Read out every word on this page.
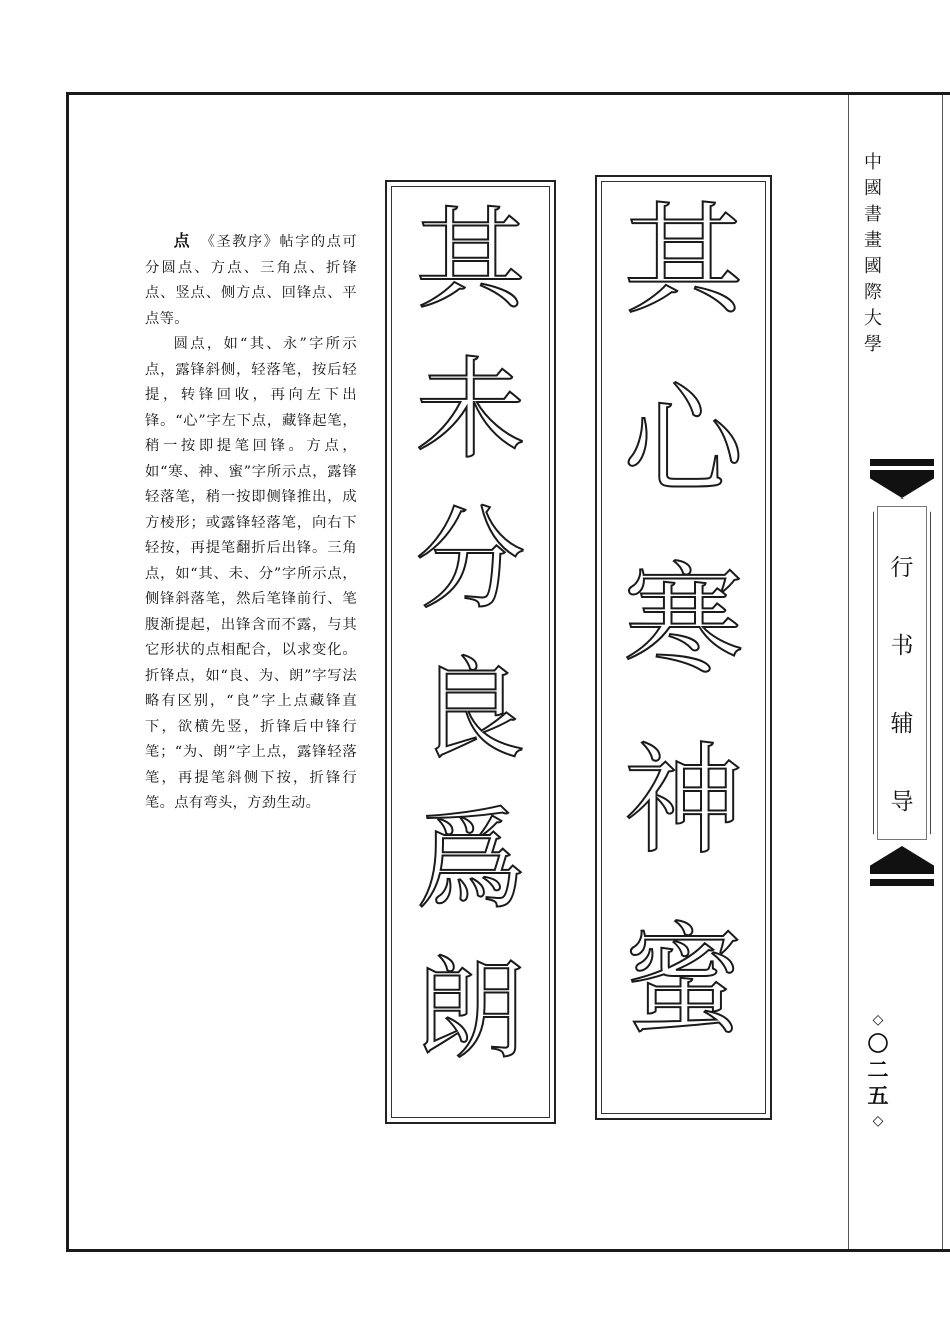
点 《圣教序》帖字的点可分圆点、方点、三角点、折锋点、竖点、侧方点、回锋点、平点等。

圆点，如“其、永”字所示点，露锋斜侧，轻落笔，按后轻提，转锋回收，再向左下出锋。“心”字左下点，藏锋起笔，稍一按即提笔回锋。方点，如“寒、神、蜜”字所示点，露锋轻落笔，稍一按即侧锋推出，成方棱形；或露锋轻落笔，向右下轻按，再提笔翻折后出锋。三角点，如“其、未、分”字所示点，侧锋斜落笔，然后笔锋前行、笔腹渐提起，出锋含而不露，与其它形状的点相配合，以求变化。折锋点，如“良、为、朗”字写法略有区别，“良”字上点藏锋直下，欲横先竖，折锋后中锋行笔；“为、朗”字上点，露锋轻落笔，再提笔斜侧下按，折锋行笔。点有弯头，方劲生动。

其
未
分
良
爲
朗
其
心
寒
神
蜜
中
國
書
畫
國
際
大
學
行
书
辅
导
◇
〇
二
五
◇
